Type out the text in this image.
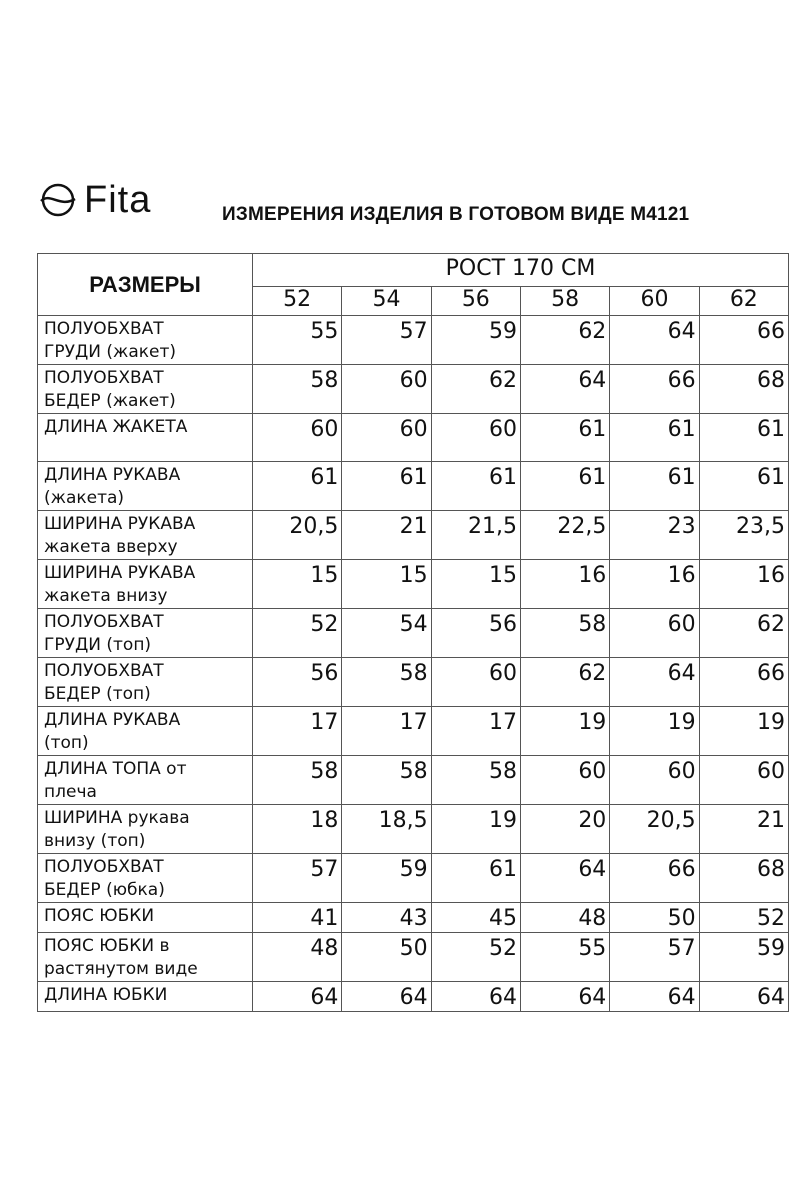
Fita	ИЗМЕРЕНИЯ ИЗДЕЛИЯ В ГОТОВОМ ВИДЕ М4121
РАЗМЕРЫ	РОСТ 170 СМ					
	52	54	56	58	60	62

ПОЛУОБХВАТ
ГРУДИ (жакет)	55	57	59	62	64	66

ПОЛУОБХВАТ
БЕДЕР (жакет)	58	60	62	64	66	68

ДЛИНА ЖАКЕТА	60	60	60	61	61	61

ДЛИНА РУКАВА
(жакета)	61	61	61	61	61	61

ШИРИНА РУКАВА
жакета вверху	20,5	21	21,5	22,5	23	23,5

ШИРИНА РУКАВА
жакета внизу	15	15	15	16	16	16

ПОЛУОБХВАТ
ГРУДИ (топ)	52	54	56	58	60	62

ПОЛУОБХВАТ
БЕДЕР (топ)	56	58	60	62	64	66

ДЛИНА РУКАВА
(топ)	17	17	17	19	19	19

ДЛИНА ТОПА от
плеча	58	58	58	60	60	60

ШИРИНА рукава
внизу (топ)	18	18,5	19	20	20,5	21

ПОЛУОБХВАТ
БЕДЕР (юбка)	57	59	61	64	66	68

ПОЯС ЮБКИ	41	43	45	48	50	52

ПОЯС ЮБКИ в
растянутом виде	48	50	52	55	57	59

ДЛИНА ЮБКИ	64	64	64	64	64	64
